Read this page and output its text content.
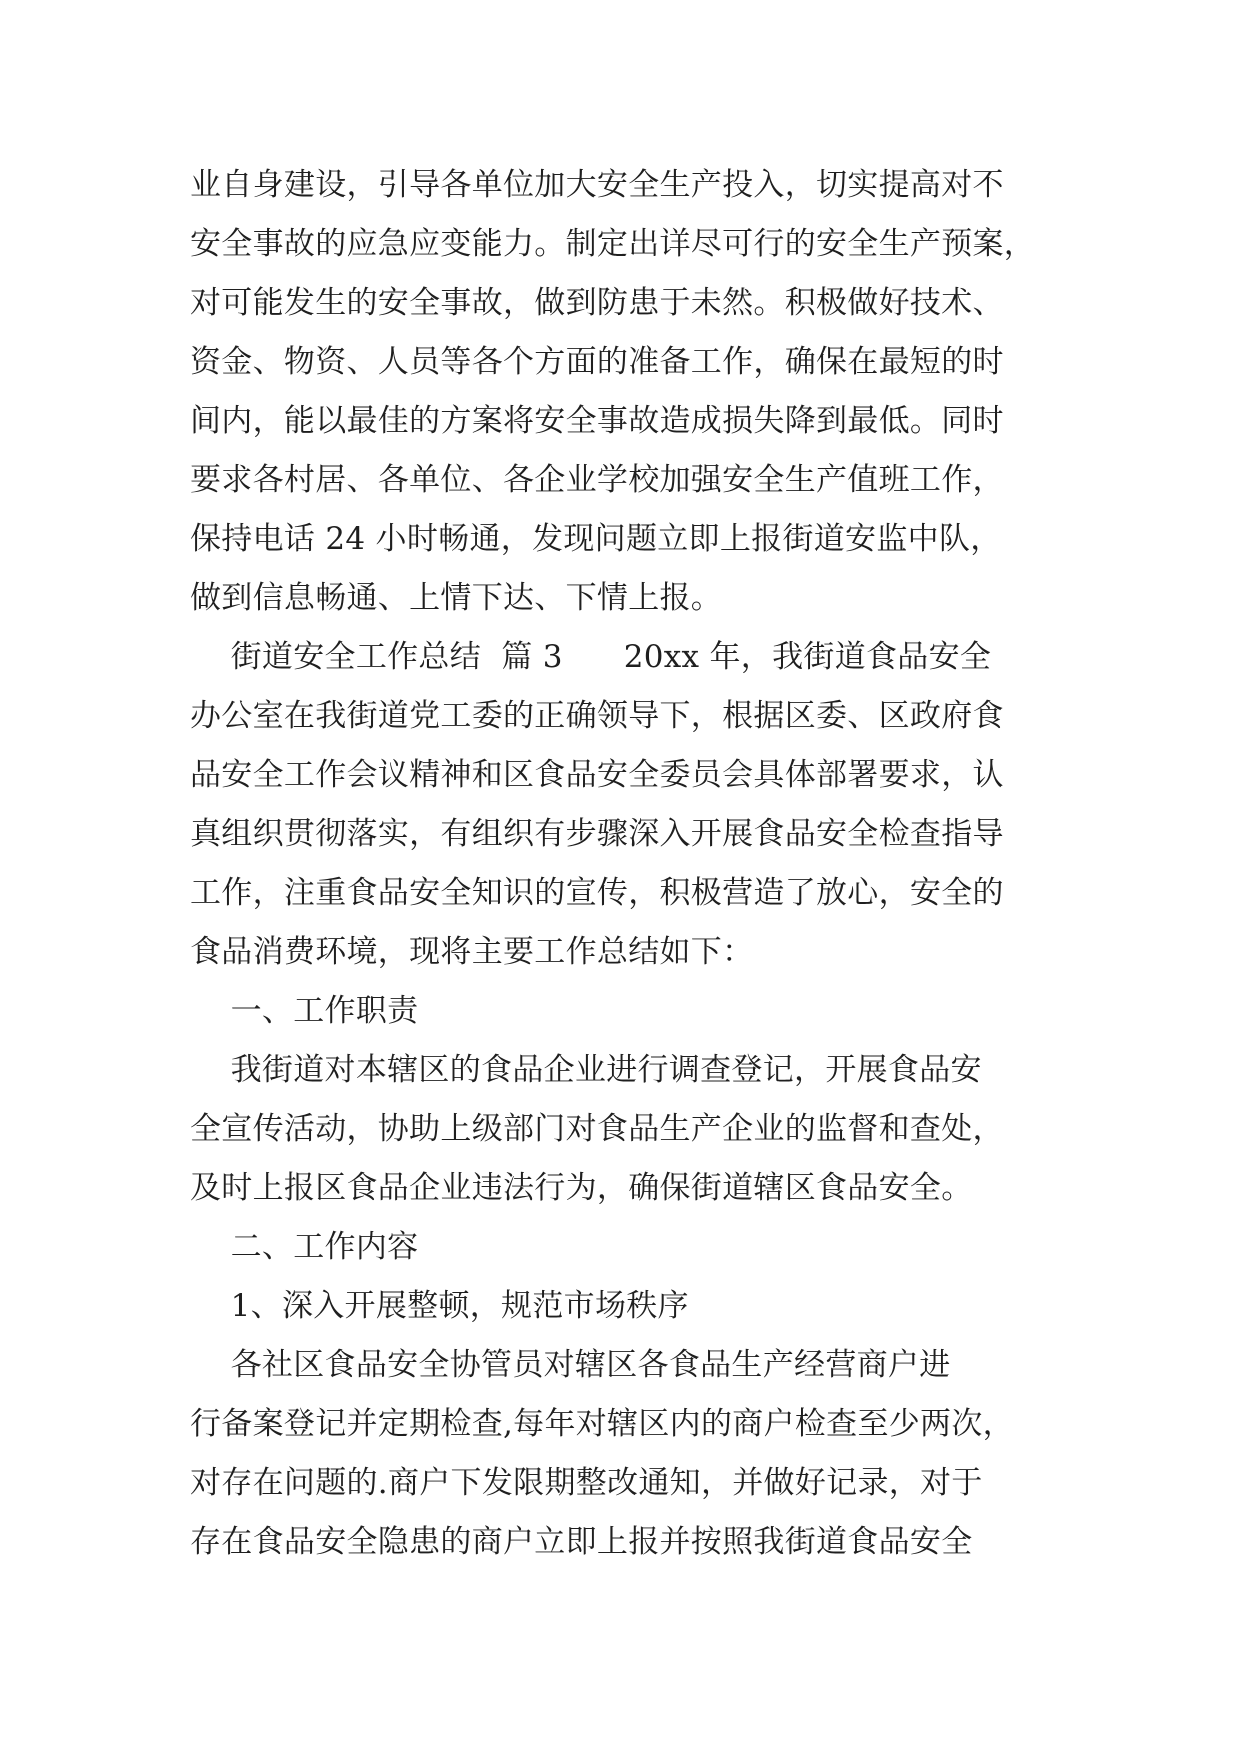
业自身建设，引导各单位加大安全生产投入，切实提高对不
安全事故的应急应变能力。制定出详尽可行的安全生产预案，
对可能发生的安全事故，做到防患于未然。积极做好技术、
资金、物资、人员等各个方面的准备工作，确保在最短的时
间内，能以最佳的方案将安全事故造成损失降到最低。同时
要求各村居、各单位、各企业学校加强安全生产值班工作，
保持电话 24 小时畅通，发现问题立即上报街道安监中队，
做到信息畅通、上情下达、下情上报。
街道安全工作总结  篇 3      20xx 年，我街道食品安全
办公室在我街道党工委的正确领导下，根据区委、区政府食
品安全工作会议精神和区食品安全委员会具体部署要求，认
真组织贯彻落实，有组织有步骤深入开展食品安全检查指导
工作，注重食品安全知识的宣传，积极营造了放心，安全的
食品消费环境，现将主要工作总结如下：
一、工作职责
我街道对本辖区的食品企业进行调查登记，开展食品安
全宣传活动，协助上级部门对食品生产企业的监督和查处，
及时上报区食品企业违法行为，确保街道辖区食品安全。
二、工作内容
1、深入开展整顿，规范市场秩序
各社区食品安全协管员对辖区各食品生产经营商户进
行备案登记并定期检查,每年对辖区内的商户检查至少两次，
对存在问题的.商户下发限期整改通知，并做好记录，对于
存在食品安全隐患的商户立即上报并按照我街道食品安全
